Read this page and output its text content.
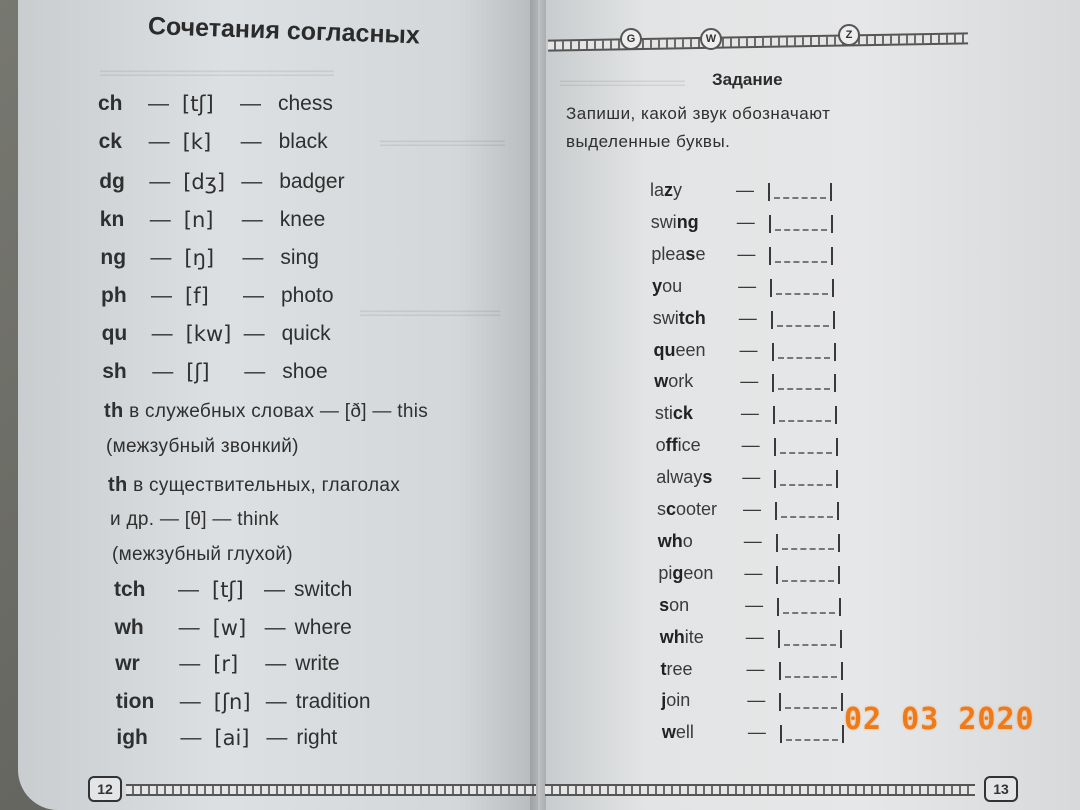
═══════════════
════════
═════════
════════
Сочетания согласных
ch — [tʃ] — chess
ck — [k] — black
dg — [dʒ] — badger
kn — [n] — knee
ng — [ŋ] — sing
ph — [f] — photo
qu — [kw] — quick
sh — [ʃ] — shoe
th в служебных словах — [ð] — this
(межзубный звонкий)
th в существительных, глаголах
и др. — [θ] — think
(межзубный глухой)
tch — [tʃ] — switch
wh — [w] — where
wr — [r] — write
tion — [ʃn] — tradition
igh — [ai] — right
12
G	W	Z
Задание
Запиши, какой звук обозначают выделенные буквы.
lazy	—
swing —
please —
you	—
switch —
queen —
work	—
stick	—
office —
always —
scooter —
who	—
pigeon —
son	—
white —
tree	—
join	—
well	—
13
02 03 2020
